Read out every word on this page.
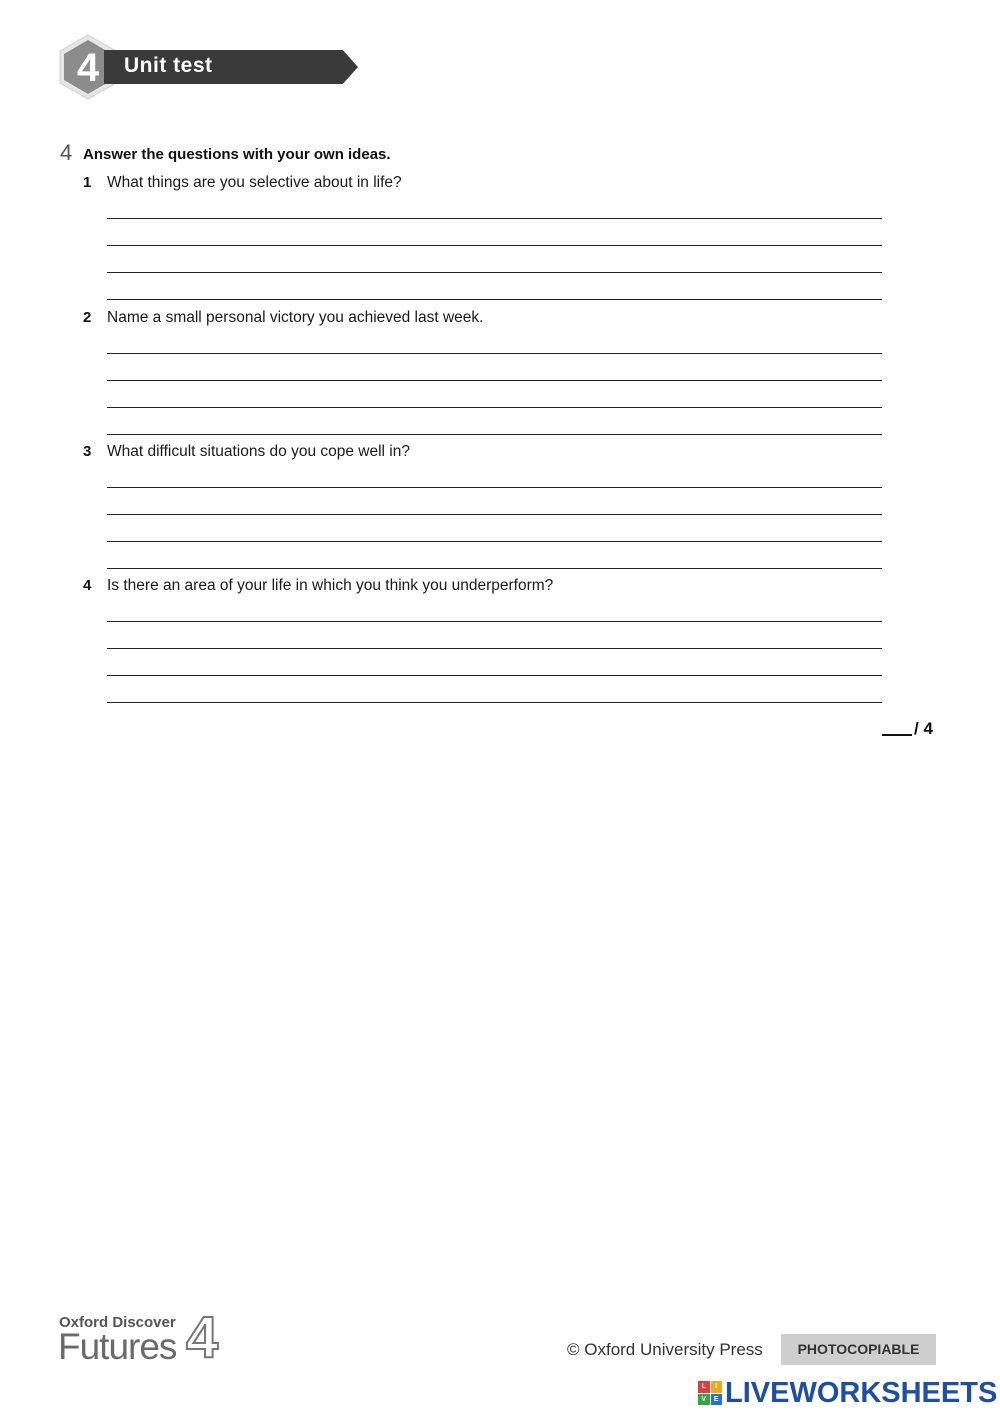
4 Unit test
4 Answer the questions with your own ideas.
1 What things are you selective about in life?
2 Name a small personal victory you achieved last week.
3 What difficult situations do you cope well in?
4 Is there an area of your life in which you think you underperform?
/ 4
Oxford Discover
Futures 4	© Oxford University Press	PHOTOCOPIABLE
L	I
V	E LIVEWORKSHEETS
